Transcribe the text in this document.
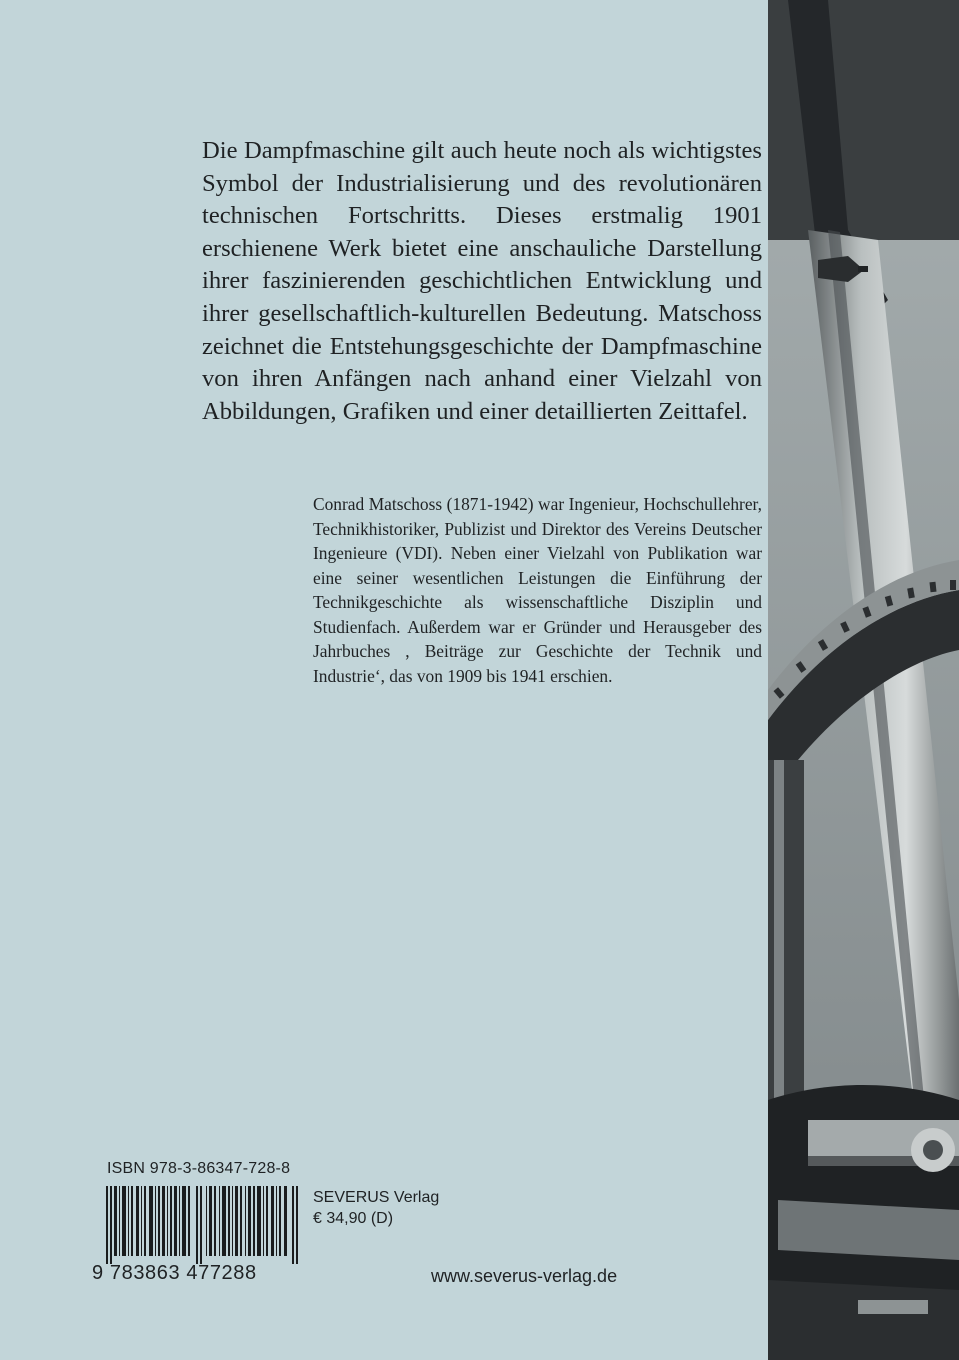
Die Dampfmaschine gilt auch heute noch als wichtigstes Symbol der Industrialisierung und des revolutionären technischen Fortschritts. Dieses erstmalig 1901 erschienene Werk bietet eine anschauliche Darstellung ihrer faszinierenden geschichtlichen Entwicklung und ihrer gesellschaftlich-kulturellen Bedeutung. Matschoss zeichnet die Entstehungsgeschichte der Dampfmaschine von ihren Anfängen nach anhand einer Vielzahl von Abbildungen, Grafiken und einer detaillierten Zeittafel.

Conrad Matschoss (1871-1942) war Ingenieur, Hochschullehrer, Technikhistoriker, Publizist und Direktor des Vereins Deutscher Ingenieure (VDI). Neben einer Vielzahl von Publikation war eine seiner wesentlichen Leistungen die Einführung der Technikgeschichte als wissenschaftliche Disziplin und Studienfach. Außerdem war er Gründer und Herausgeber des Jahrbuches , Beiträge zur Geschichte der Technik und Industrie‘, das von 1909 bis 1941 erschien.

ISBN 978-3-86347-728-8
9 783863 477288
SEVERUS Verlag
€ 34,90 (D)
www.severus-verlag.de
